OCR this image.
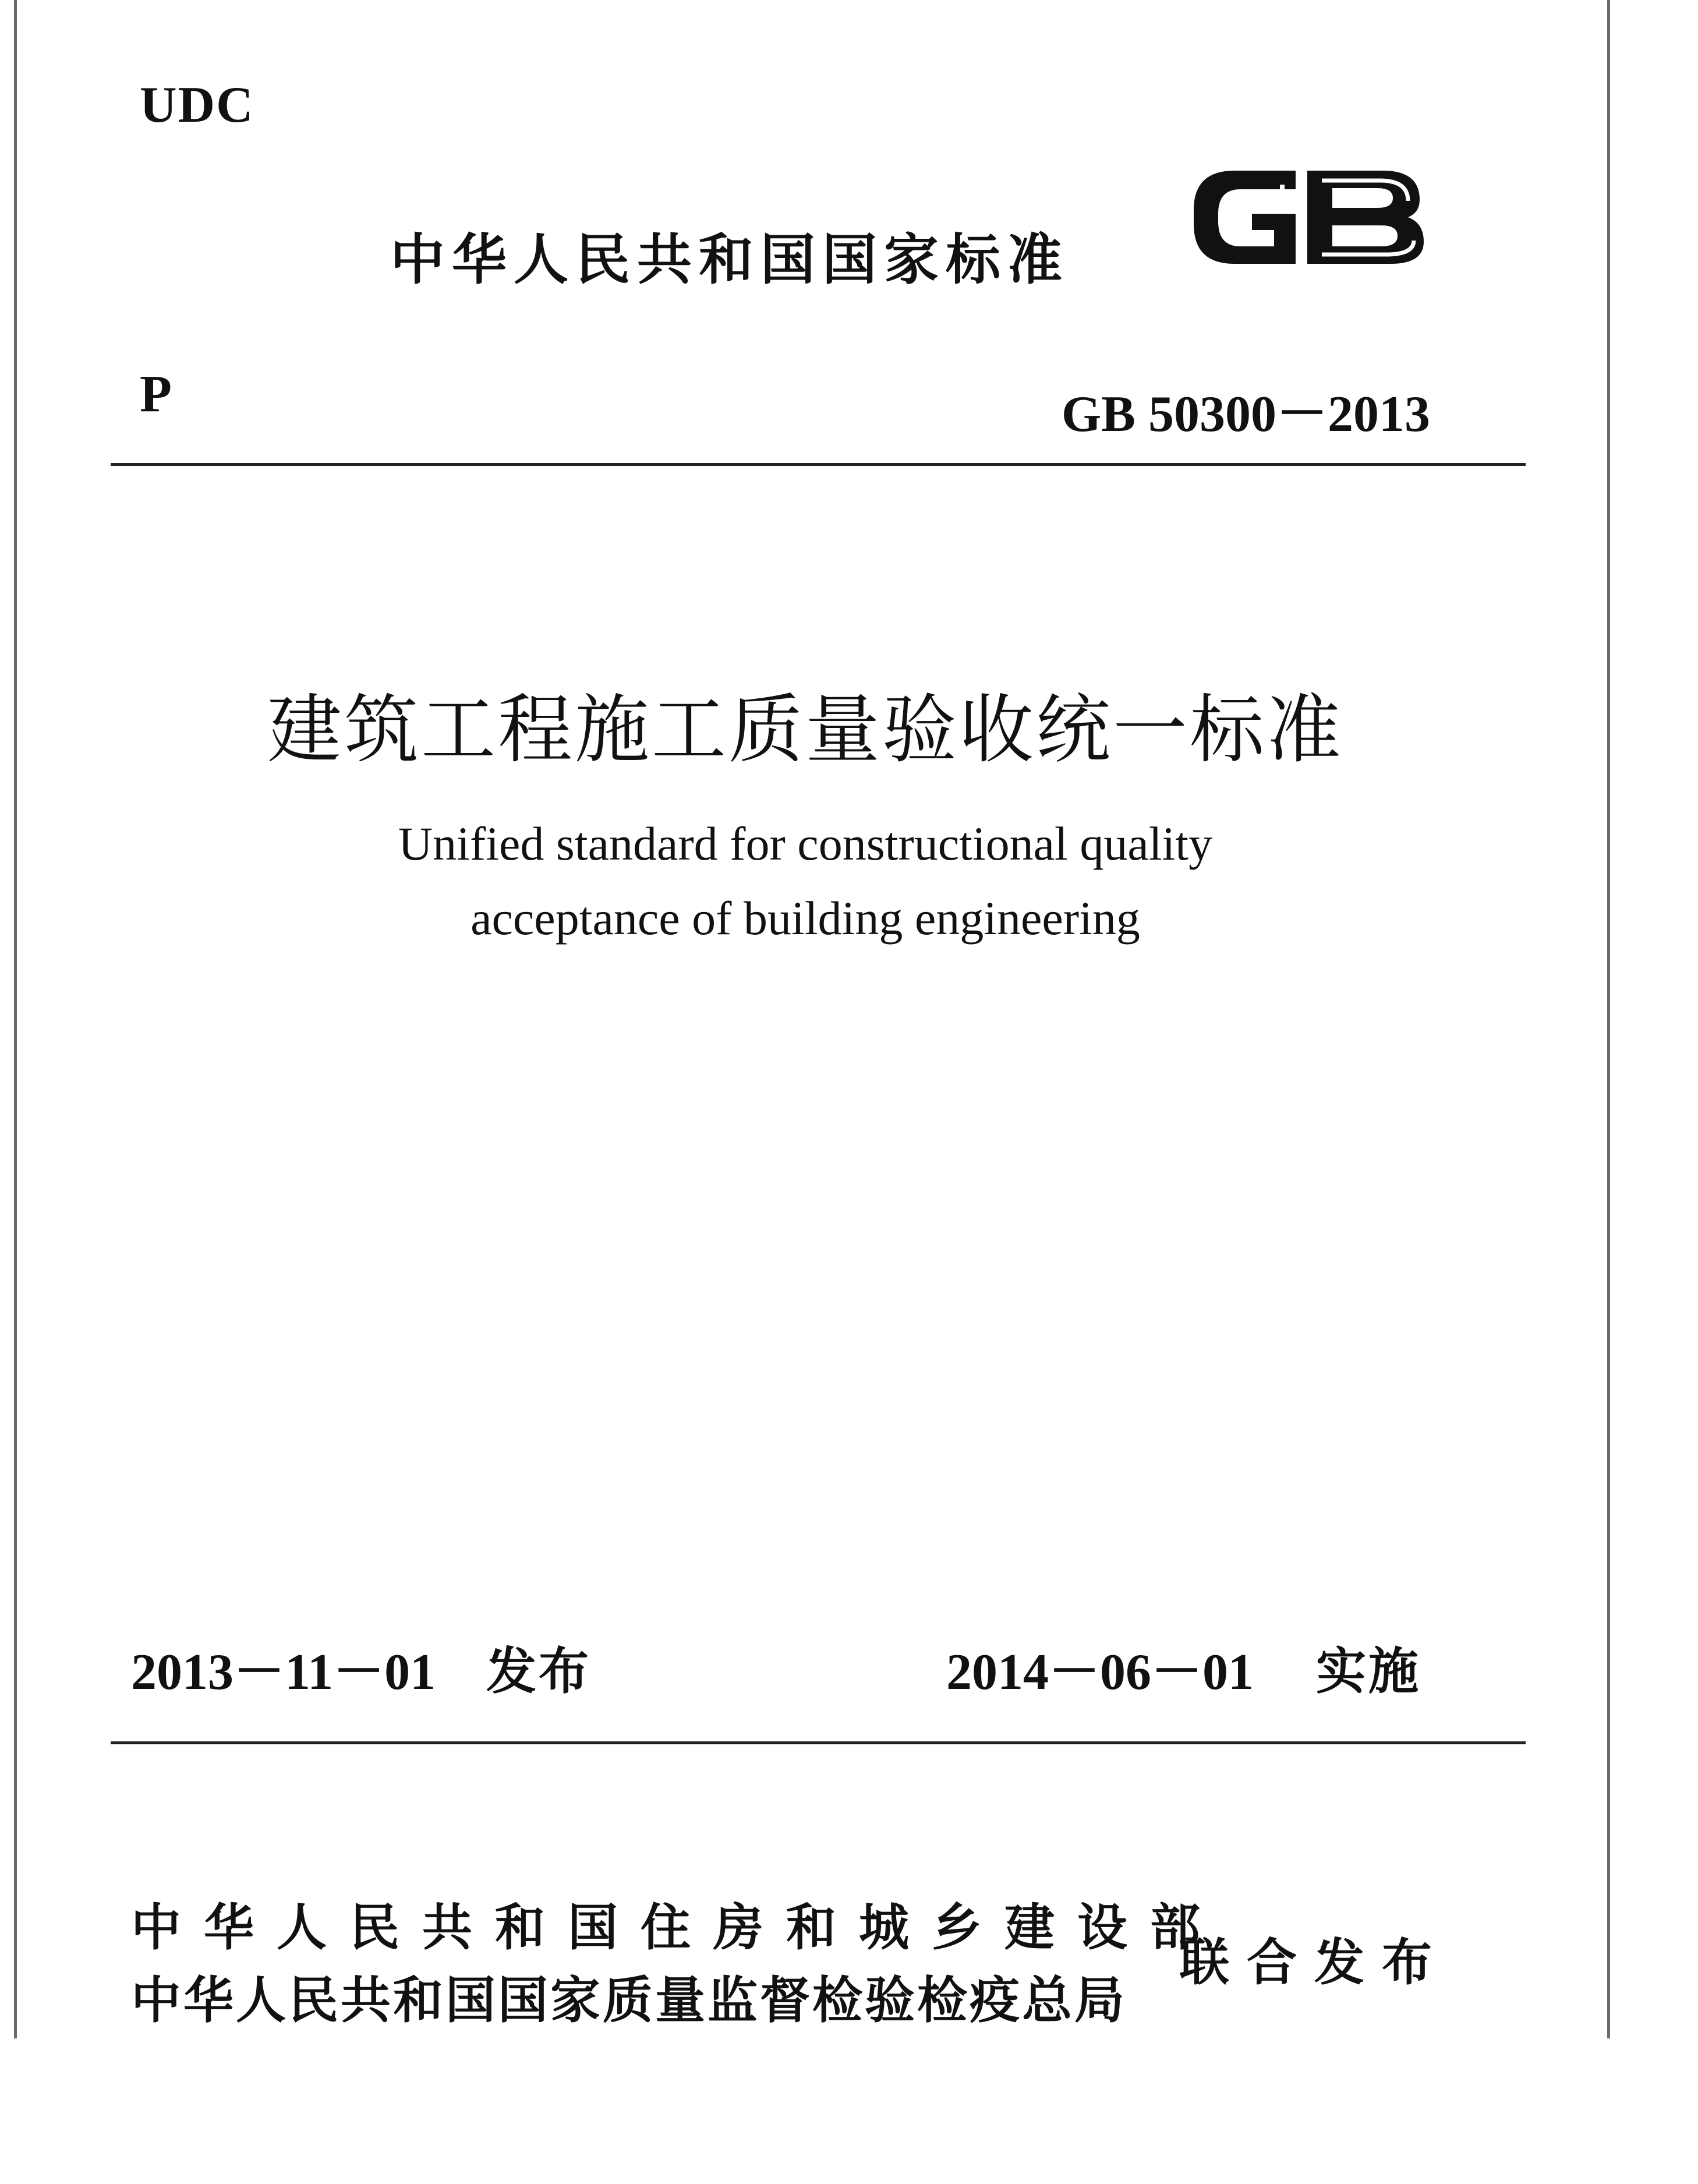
UDC
中华人民共和国国家标准
P	GB 50300－2013
建筑工程施工质量验收统一标准
Unified standard for constructional quality
acceptance of building engineering
2013－11－01 发布	2014－06－01 实施
中华人民共和国住房和城乡建设部
中华人民共和国国家质量监督检验检疫总局
联合发布
